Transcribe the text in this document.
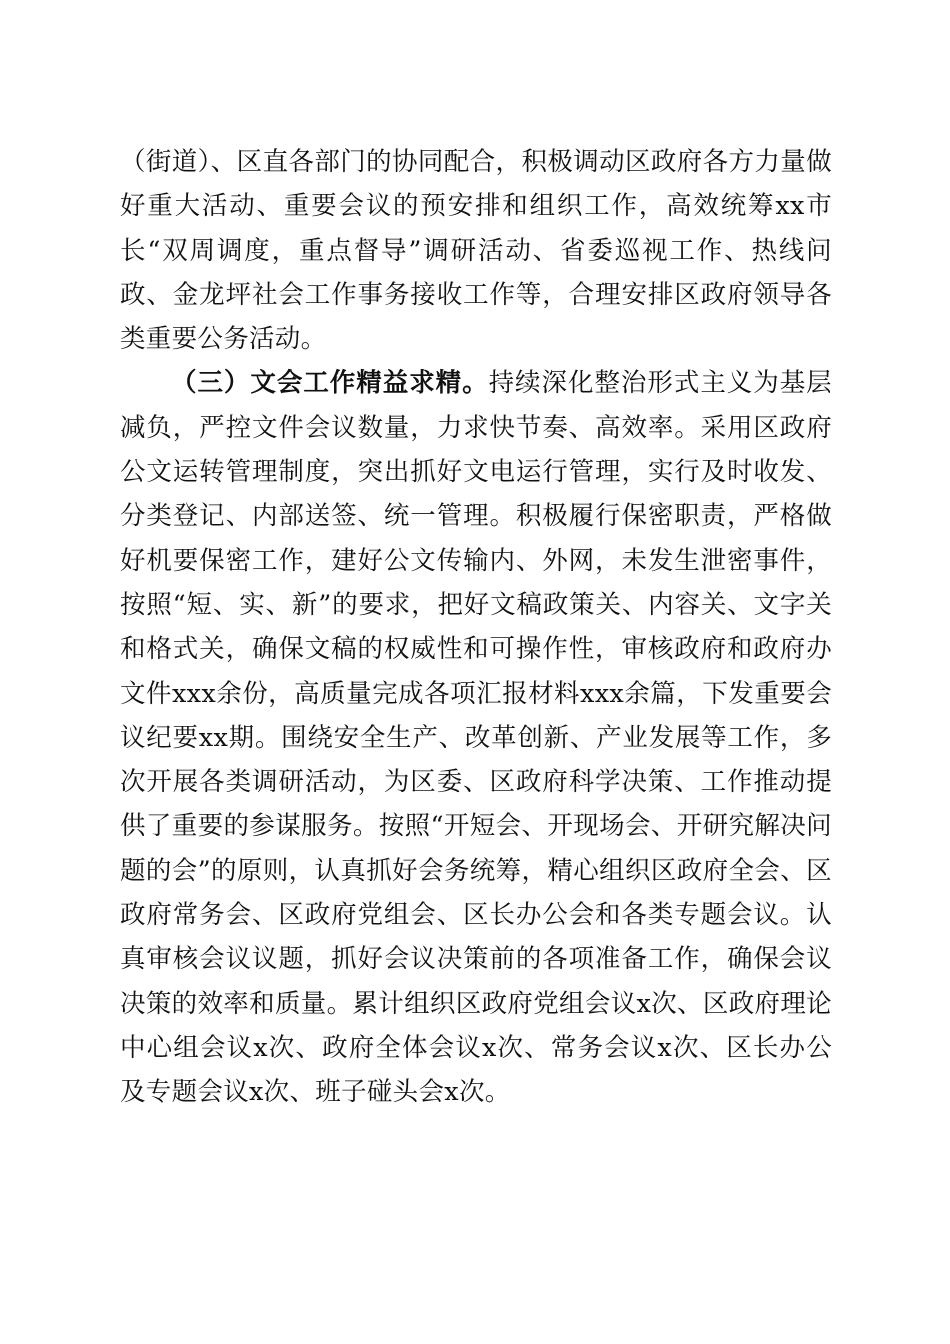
（街道）、区直各部门的协同配合，积极调动区政府各方力量做好重大活动、重要会议的预安排和组织工作，高效统筹xx市长“双周调度，重点督导”调研活动、省委巡视工作、热线问政、金龙坪社会工作事务接收工作等，合理安排区政府领导各类重要公务活动。

（三）文会工作精益求精。持续深化整治形式主义为基层减负，严控文件会议数量，力求快节奏、高效率。采用区政府公文运转管理制度，突出抓好文电运行管理，实行及时收发、分类登记、内部送签、统一管理。积极履行保密职责，严格做好机要保密工作，建好公文传输内、外网，未发生泄密事件，按照“短、实、新”的要求，把好文稿政策关、内容关、文字关和格式关，确保文稿的权威性和可操作性，审核政府和政府办文件xxx余份，高质量完成各项汇报材料xxx余篇，下发重要会议纪要xx期。围绕安全生产、改革创新、产业发展等工作，多次开展各类调研活动，为区委、区政府科学决策、工作推动提供了重要的参谋服务。按照“开短会、开现场会、开研究解决问题的会”的原则，认真抓好会务统筹，精心组织区政府全会、区政府常务会、区政府党组会、区长办公会和各类专题会议。认真审核会议议题，抓好会议决策前的各项准备工作，确保会议决策的效率和质量。累计组织区政府党组会议x次、区政府理论中心组会议x次、政府全体会议x次、常务会议x次、区长办公及专题会议x次、班子碰头会x次。
